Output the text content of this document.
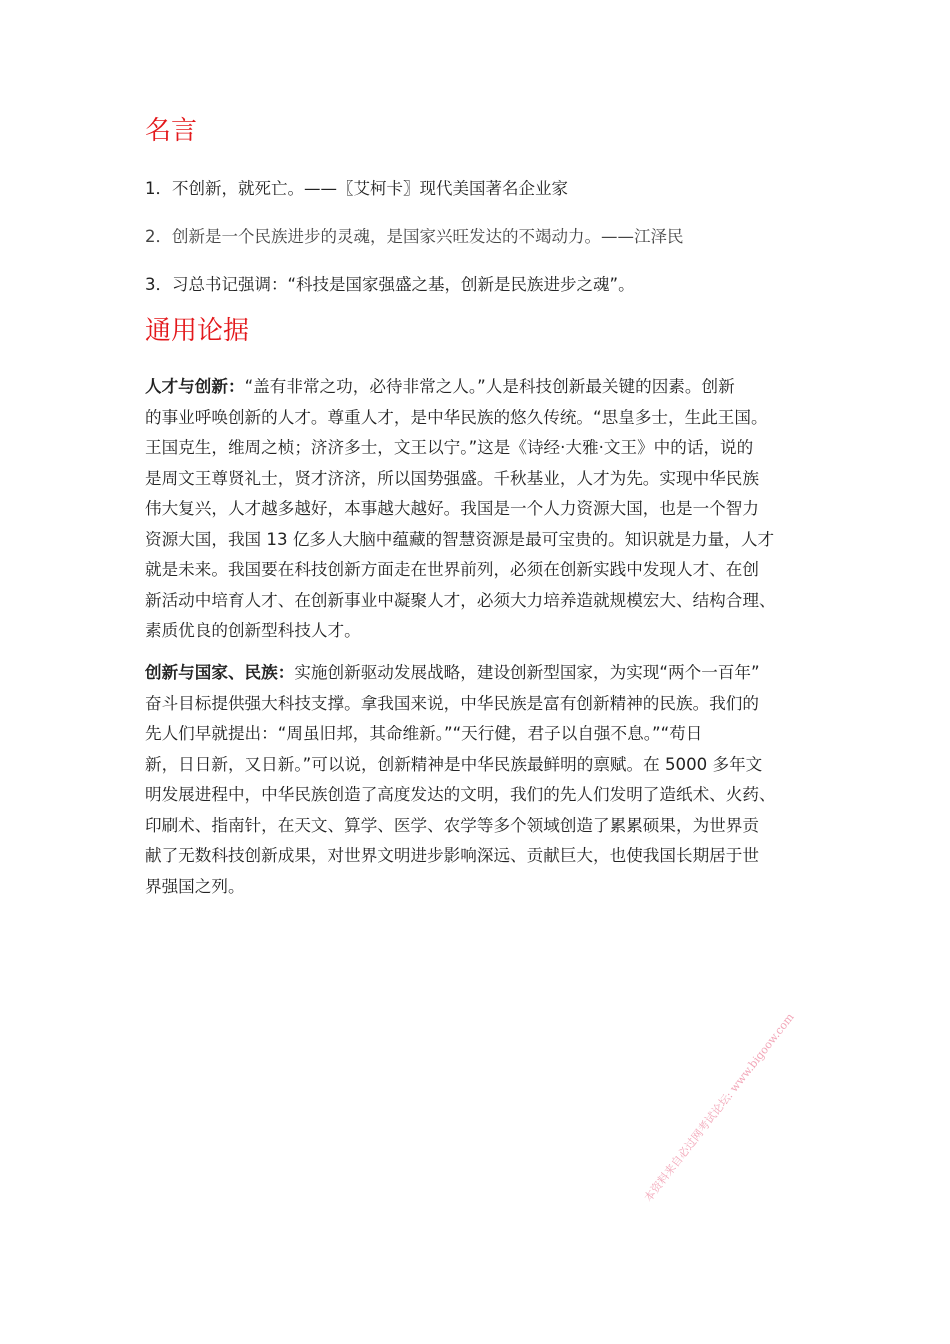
名言

1．不创新，就死亡。——〖艾柯卡〗现代美国著名企业家

2．创新是一个民族进步的灵魂，是国家兴旺发达的不竭动力。——江泽民

3．习总书记强调：“科技是国家强盛之基，创新是民族进步之魂”。

通用论据
人才与创新：“盖有非常之功，必待非常之人。”人是科技创新最关键的因素。创新
的事业呼唤创新的人才。尊重人才，是中华民族的悠久传统。“思皇多士，生此王国。
王国克生，维周之桢；济济多士，文王以宁。”这是《诗经·大雅·文王》中的话，说的
是周文王尊贤礼士，贤才济济，所以国势强盛。千秋基业，人才为先。实现中华民族
伟大复兴，人才越多越好，本事越大越好。我国是一个人力资源大国，也是一个智力
资源大国，我国 13 亿多人大脑中蕴藏的智慧资源是最可宝贵的。知识就是力量，人才
就是未来。我国要在科技创新方面走在世界前列，必须在创新实践中发现人才、在创
新活动中培育人才、在创新事业中凝聚人才，必须大力培养造就规模宏大、结构合理、
素质优良的创新型科技人才。
创新与国家、民族：实施创新驱动发展战略，建设创新型国家，为实现“两个一百年”
奋斗目标提供强大科技支撑。拿我国来说，中华民族是富有创新精神的民族。我们的
先人们早就提出：“周虽旧邦，其命维新。”“天行健，君子以自强不息。”“苟日
新，日日新，又日新。”可以说，创新精神是中华民族最鲜明的禀赋。在 5000 多年文
明发展进程中，中华民族创造了高度发达的文明，我们的先人们发明了造纸术、火药、
印刷术、指南针，在天文、算学、医学、农学等多个领域创造了累累硕果，为世界贡
献了无数科技创新成果，对世界文明进步影响深远、贡献巨大，也使我国长期居于世
界强国之列。
本资料来自必过网考试论坛: www.bigoow.com
